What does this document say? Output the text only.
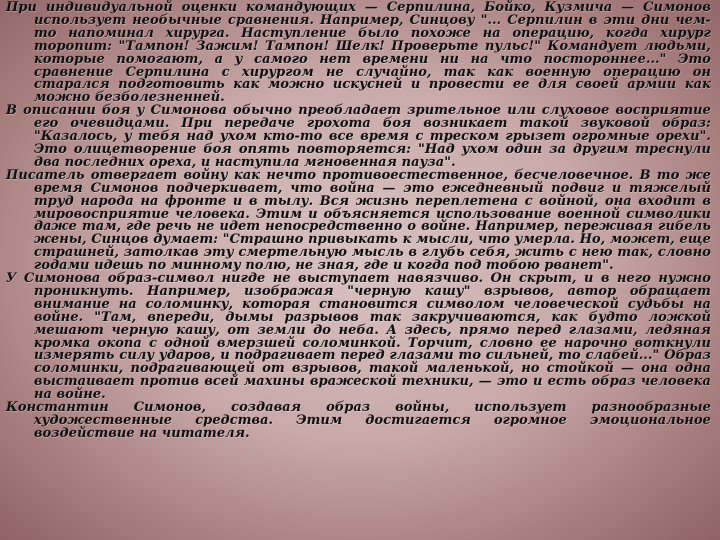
При индивидуальной оценки командующих — Серпилина, Бойко, Кузмича — Симонов использует необычные сравнения. Например, Синцову "... Серпилин в эти дни чем-то напоминал хирурга. Наступление было похоже на операцию, когда хирург торопит: "Тампон! Зажим! Тампон! Шелк! Проверьте пульс!" Командует людьми, которые помогают, а у самого нет времени ни на что постороннее..." Это сравнение Серпилина с хирургом не случайно, так как военную операцию он старался подготовить как можно искусней и провести ее для своей армии как можно безболезненней.

В описании боя у Симонова обычно преобладает зрительное или слуховое восприятие его очевидцами. При передаче грохота боя возникает такой звуковой образ: "Казалось, у тебя над ухом кто-то все время с треском грызет огромные орехи". Это олицетворение боя опять повторяется: "Над ухом один за другим треснули два последних ореха, и наступила мгновенная пауза".

Писатель отвергает войну как нечто противоестественное, бесчеловечное. В то же время Симонов подчеркивает, что война — это ежедневный подвиг и тяжелый труд народа на фронте и в тылу. Вся жизнь переплетена с войной, она входит в мировосприятие человека. Этим и объясняется использование военной символики даже там, где речь не идет непосредственно о войне. Например, переживая гибель жены, Синцов думает: "Страшно привыкать к мысли, что умерла. Но, может, еще страшней, затолкав эту смертельную мысль в глубь себя, жить с нею так, словно годами идешь по минному полю, не зная, где и когда под тобою рванет".

У Симонова образ-символ нигде не выступает навязчиво. Он скрыт, и в него нужно проникнуть. Например, изображая "черную кашу" взрывов, автор обращает внимание на соломинку, которая становится символом человеческой судьбы на войне. "Там, впереди, дымы разрывов так закручиваются, как будто ложкой мешают черную кашу, от земли до неба. А здесь, прямо перед глазами, ледяная кромка окопа с одной вмерзшей соломинкой. Торчит, словно ее нарочно воткнули измерять силу ударов, и подрагивает перед глазами то сильней, то слабей..." Образ соломинки, подрагивающей от взрывов, такой маленькой, но стойкой — она одна выстаивает против всей махины вражеской техники, — это и есть образ человека на войне.

Константин Симонов, создавая образ войны, использует разнообразные художественные средства. Этим достигается огромное эмоциональное воздействие на читателя.
